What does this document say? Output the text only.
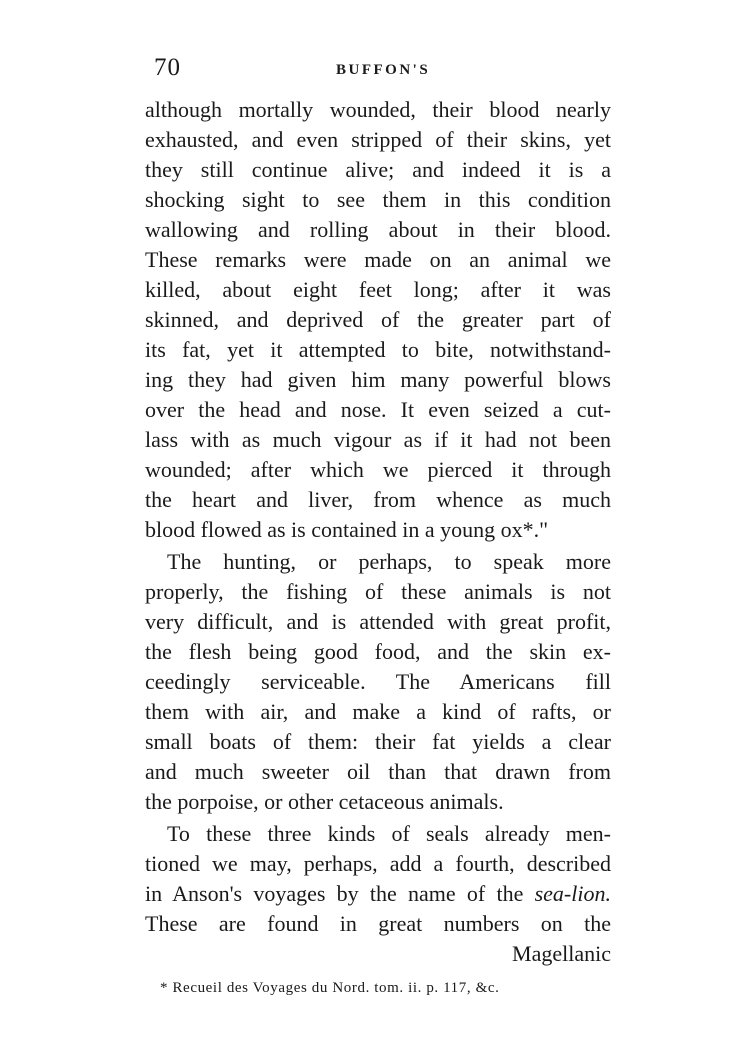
70	BUFFON'S
although mortally wounded, their blood nearly
exhausted, and even stripped of their skins, yet
they still continue alive; and indeed it is a
shocking sight to see them in this condition
wallowing and rolling about in their blood.
These remarks were made on an animal we
killed, about eight feet long; after it was
skinned, and deprived of the greater part of
its fat, yet it attempted to bite, notwithstand-
ing they had given him many powerful blows
over the head and nose. It even seized a cut-
lass with as much vigour as if it had not been
wounded; after which we pierced it through
the heart and liver, from whence as much
blood flowed as is contained in a young ox*."
The hunting, or perhaps, to speak more
properly, the fishing of these animals is not
very difficult, and is attended with great profit,
the flesh being good food, and the skin ex-
ceedingly serviceable. The Americans fill
them with air, and make a kind of rafts, or
small boats of them: their fat yields a clear
and much sweeter oil than that drawn from
the porpoise, or other cetaceous animals.
To these three kinds of seals already men-
tioned we may, perhaps, add a fourth, described
in Anson's voyages by the name of the sea-lion.
These are found in great numbers on the
Magellanic
* Recueil des Voyages du Nord. tom. ii. p. 117, &c.
